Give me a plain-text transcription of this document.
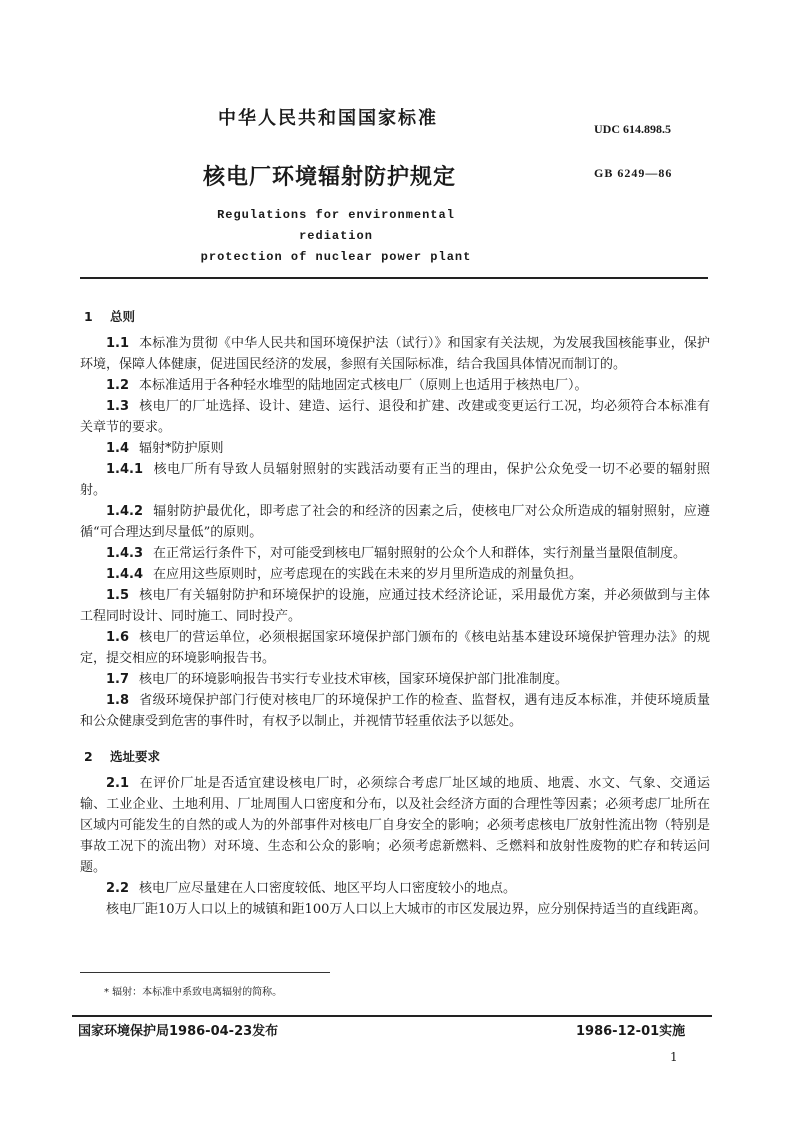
中华人民共和国国家标准	UDC 614.898.5
核电厂环境辐射防护规定	GB 6249—86
Regulations for environmental rediation
protection of nuclear power plant

1 总则

1.1 本标准为贯彻《中华人民共和国环境保护法（试行）》和国家有关法规，为发展我国核能事业，保护环境，保障人体健康，促进国民经济的发展，参照有关国际标准，结合我国具体情况而制订的。

1.2 本标准适用于各种轻水堆型的陆地固定式核电厂（原则上也适用于核热电厂）。

1.3 核电厂的厂址选择、设计、建造、运行、退役和扩建、改建或变更运行工况，均必须符合本标准有关章节的要求。

1.4 辐射*防护原则

1.4.1 核电厂所有导致人员辐射照射的实践活动要有正当的理由，保护公众免受一切不必要的辐射照射。

1.4.2 辐射防护最优化，即考虑了社会的和经济的因素之后，使核电厂对公众所造成的辐射照射，应遵循“可合理达到尽量低”的原则。

1.4.3 在正常运行条件下，对可能受到核电厂辐射照射的公众个人和群体，实行剂量当量限值制度。

1.4.4 在应用这些原则时，应考虑现在的实践在未来的岁月里所造成的剂量负担。

1.5 核电厂有关辐射防护和环境保护的设施，应通过技术经济论证，采用最优方案，并必须做到与主体工程同时设计、同时施工、同时投产。

1.6 核电厂的营运单位，必须根据国家环境保护部门颁布的《核电站基本建设环境保护管理办法》的规定，提交相应的环境影响报告书。

1.7 核电厂的环境影响报告书实行专业技术审核，国家环境保护部门批准制度。

1.8 省级环境保护部门行使对核电厂的环境保护工作的检查、监督权，遇有违反本标准，并使环境质量和公众健康受到危害的事件时，有权予以制止，并视情节轻重依法予以惩处。

2 选址要求

2.1 在评价厂址是否适宜建设核电厂时，必须综合考虑厂址区域的地质、地震、水文、气象、交通运输、工业企业、土地利用、厂址周围人口密度和分布，以及社会经济方面的合理性等因素；必须考虑厂址所在区域内可能发生的自然的或人为的外部事件对核电厂自身安全的影响；必须考虑核电厂放射性流出物（特别是事故工况下的流出物）对环境、生态和公众的影响；必须考虑新燃料、乏燃料和放射性废物的贮存和转运问题。

2.2 核电厂应尽量建在人口密度较低、地区平均人口密度较小的地点。

核电厂距10万人口以上的城镇和距100万人口以上大城市的市区发展边界，应分别保持适当的直线距离。

* 辐射：本标准中系致电离辐射的简称。
国家环境保护局1986-04-23发布	1986-12-01实施
1
